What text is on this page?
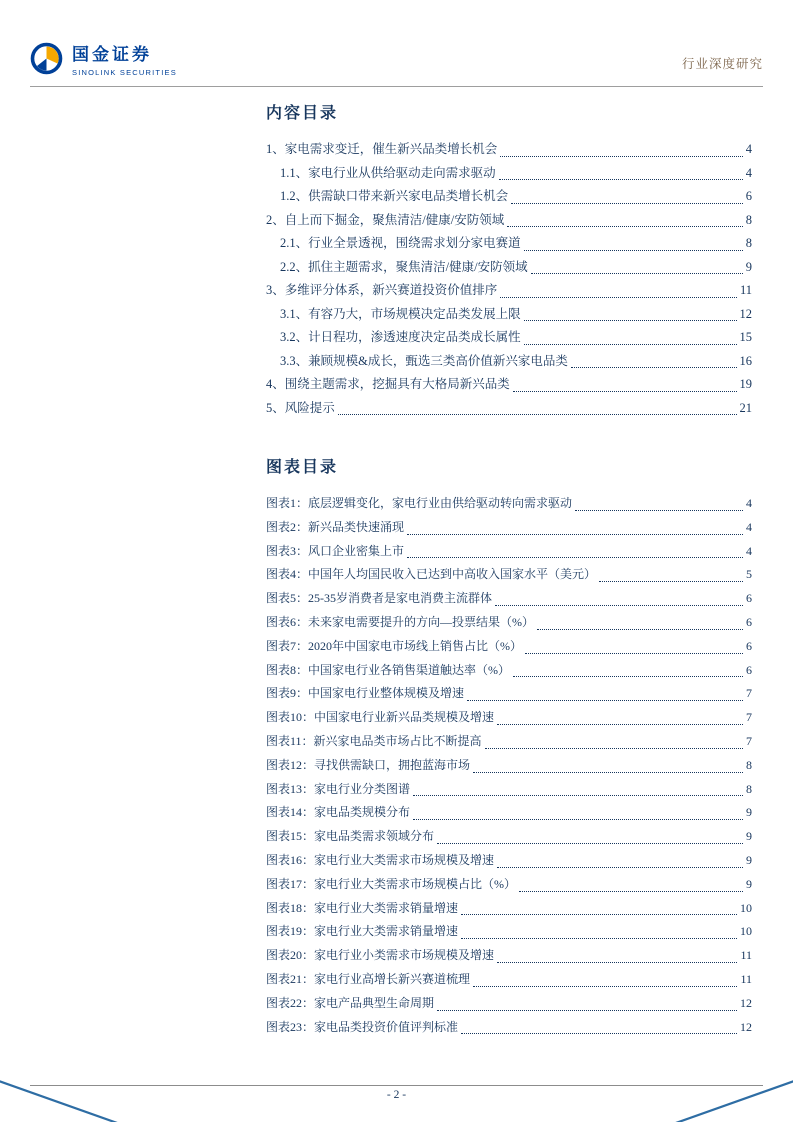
国金证券
SINOLINK SECURITIES
行业深度研究
内容目录
1、家电需求变迁，催生新兴品类增长机会	4
1.1、家电行业从供给驱动走向需求驱动	4
1.2、供需缺口带来新兴家电品类增长机会	6
2、自上而下掘金，聚焦清洁/健康/安防领域	8
2.1、行业全景透视，围绕需求划分家电赛道	8
2.2、抓住主题需求，聚焦清洁/健康/安防领域	9
3、多维评分体系，新兴赛道投资价值排序	11
3.1、有容乃大，市场规模决定品类发展上限	12
3.2、计日程功，渗透速度决定品类成长属性	15
3.3、兼顾规模&成长，甄选三类高价值新兴家电品类	16
4、围绕主题需求，挖掘具有大格局新兴品类	19
5、风险提示	21
图表目录
图表1：底层逻辑变化，家电行业由供给驱动转向需求驱动	4
图表2：新兴品类快速涌现	4
图表3：风口企业密集上市	4
图表4：中国年人均国民收入已达到中高收入国家水平（美元）	5
图表5：25-35岁消费者是家电消费主流群体	6
图表6：未来家电需要提升的方向—投票结果（%）	6
图表7：2020年中国家电市场线上销售占比（%）	6
图表8：中国家电行业各销售渠道触达率（%）	6
图表9：中国家电行业整体规模及增速	7
图表10：中国家电行业新兴品类规模及增速	7
图表11：新兴家电品类市场占比不断提高	7
图表12：寻找供需缺口，拥抱蓝海市场	8
图表13：家电行业分类图谱	8
图表14：家电品类规模分布	9
图表15：家电品类需求领域分布	9
图表16：家电行业大类需求市场规模及增速	9
图表17：家电行业大类需求市场规模占比（%）	9
图表18：家电行业大类需求销量增速	10
图表19：家电行业大类需求销量增速	10
图表20：家电行业小类需求市场规模及增速	11
图表21：家电行业高增长新兴赛道梳理	11
图表22：家电产品典型生命周期	12
图表23：家电品类投资价值评判标准	12
- 2 -
